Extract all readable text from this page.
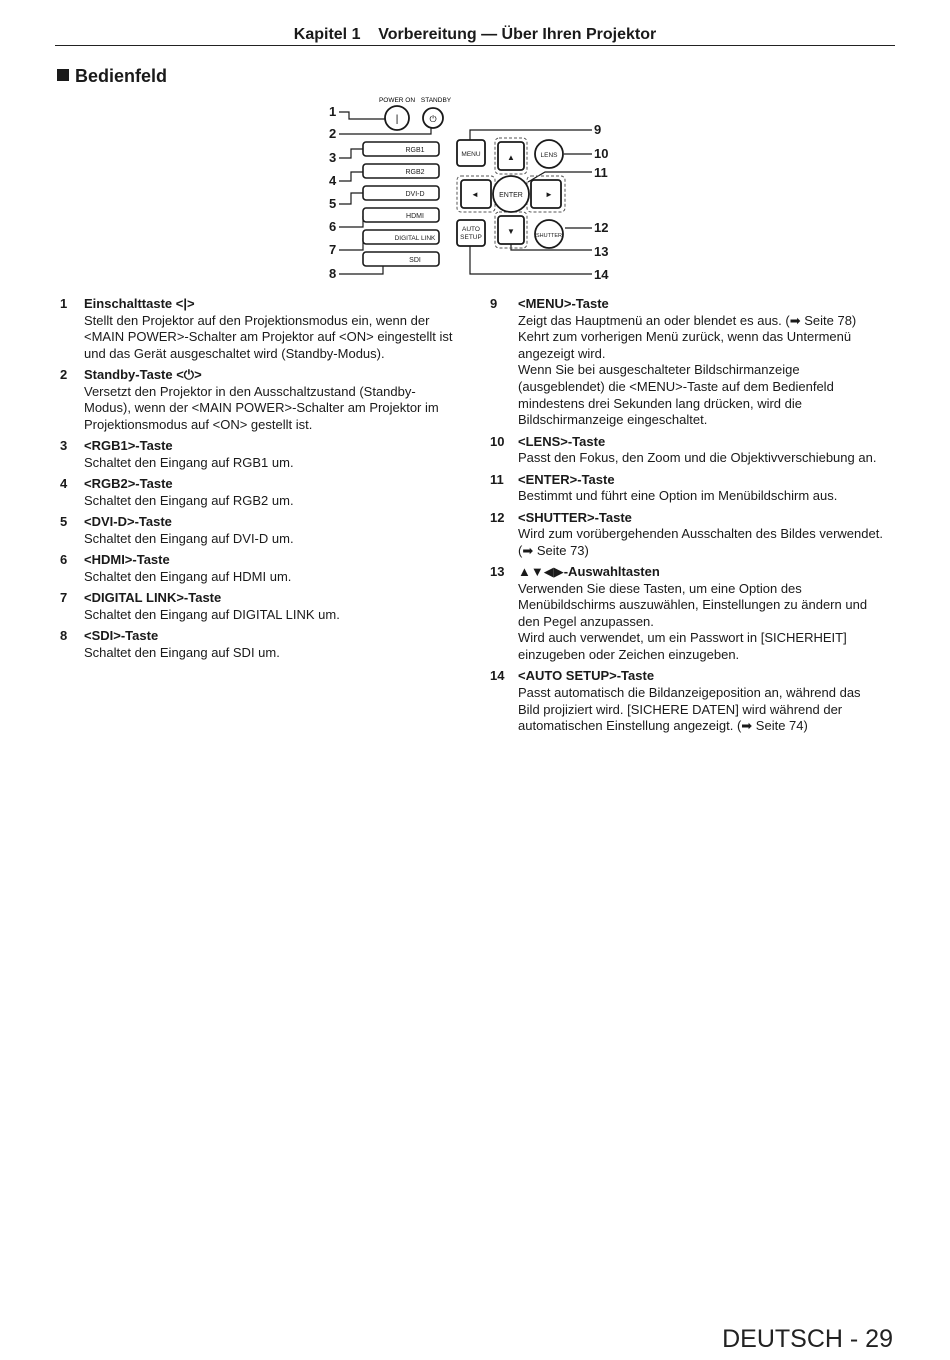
Kapitel 1    Vorbereitung — Über Ihren Projektor
Bedienfeld
|
POWER ON
⏻
STANDBY
RGB1
RGB2
DVI-D
HDMI
DIGITAL LINK
SDI
MENU	LENS
AUTO
SETUP	SHUTTER
▲
▼
◄	►
ENTER
1
2
3
4
5
6
7
8
9
10
11
12
13
14
1 Einschalttaste <|>
Stellt den Projektor auf den Projektionsmodus ein, wenn der
<MAIN POWER>-Schalter am Projektor auf <ON> eingestellt ist
und das Gerät ausgeschaltet wird (Standby-Modus).
2 Standby-Taste <⏻>
Versetzt den Projektor in den Ausschaltzustand (Standby-
Modus), wenn der <MAIN POWER>-Schalter am Projektor im
Projektionsmodus auf <ON> gestellt ist.
3 <RGB1>-Taste
Schaltet den Eingang auf RGB1 um.
4 <RGB2>-Taste
Schaltet den Eingang auf RGB2 um.
5 <DVI-D>-Taste
Schaltet den Eingang auf DVI-D um.
6 <HDMI>-Taste
Schaltet den Eingang auf HDMI um.
7 <DIGITAL LINK>-Taste
Schaltet den Eingang auf DIGITAL LINK um.
8 <SDI>-Taste
Schaltet den Eingang auf SDI um.
9 <MENU>-Taste
Zeigt das Hauptmenü an oder blendet es aus. (➡ Seite 78)
Kehrt zum vorherigen Menü zurück, wenn das Untermenü
angezeigt wird.
Wenn Sie bei ausgeschalteter Bildschirmanzeige
(ausgeblendet) die <MENU>-Taste auf dem Bedienfeld
mindestens drei Sekunden lang drücken, wird die
Bildschirmanzeige eingeschaltet.
10 <LENS>-Taste
Passt den Fokus, den Zoom und die Objektivverschiebung an.
11 <ENTER>-Taste
Bestimmt und führt eine Option im Menübildschirm aus.
12 <SHUTTER>-Taste
Wird zum vorübergehenden Ausschalten des Bildes verwendet.
(➡ Seite 73)
13 ▲▼◀▶-Auswahltasten
Verwenden Sie diese Tasten, um eine Option des
Menübildschirms auszuwählen, Einstellungen zu ändern und
den Pegel anzupassen.
Wird auch verwendet, um ein Passwort in [SICHERHEIT]
einzugeben oder Zeichen einzugeben.
14 <AUTO SETUP>-Taste
Passt automatisch die Bildanzeigeposition an, während das
Bild projiziert wird. [SICHERE DATEN] wird während der
automatischen Einstellung angezeigt. (➡ Seite 74)
DEUTSCH - 29
